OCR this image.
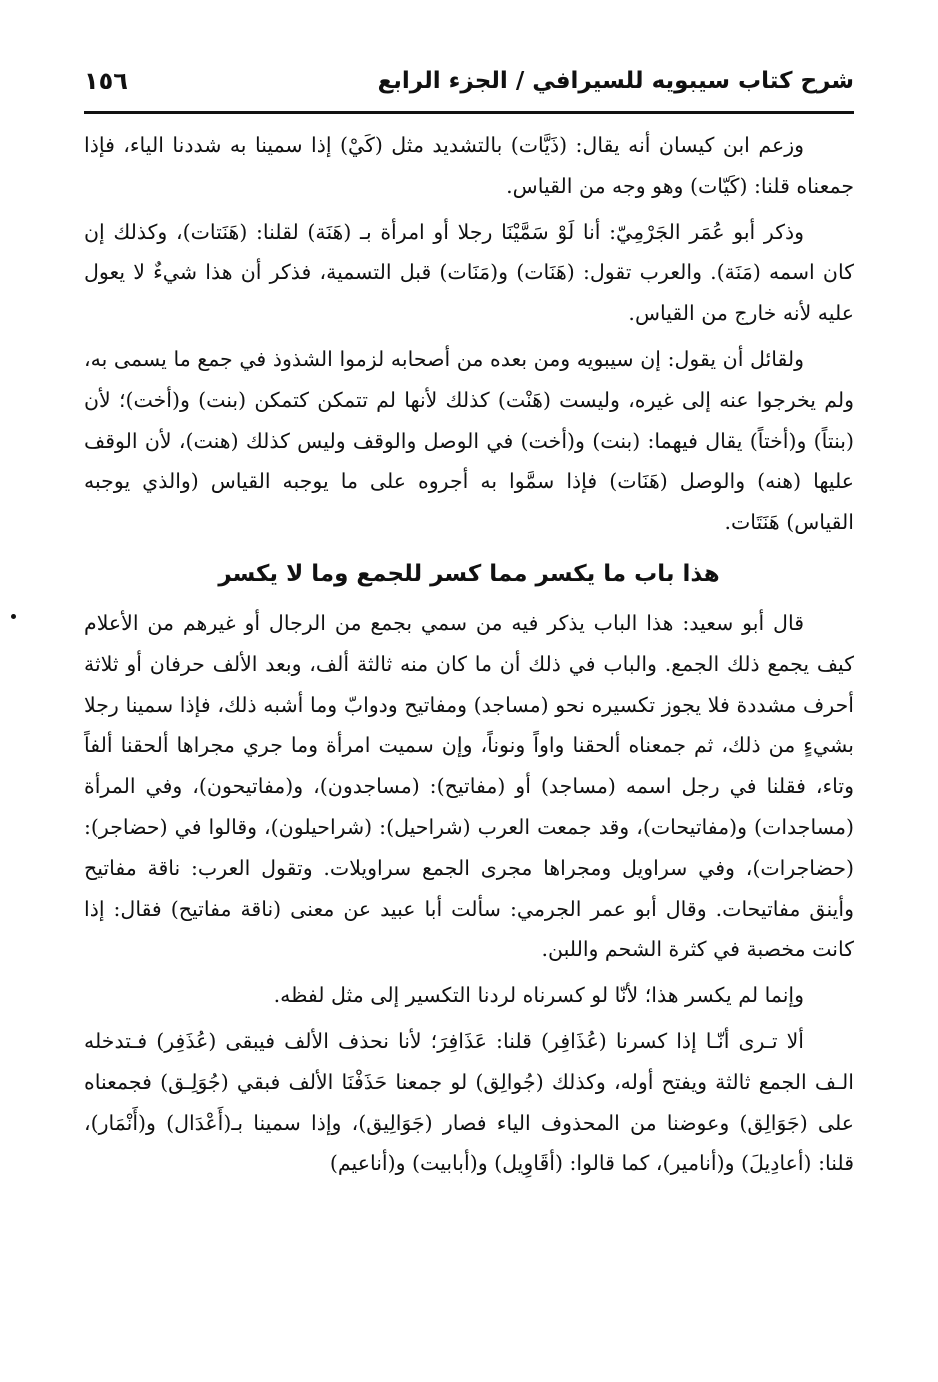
شرح كتاب سيبويه للسيرافي / الجزء الرابع
١٥٦

وزعم ابن كيسان أنه يقال: (ذَيَّات) بالتشديد مثل (كَيْ) إذا سمينا به شددنا الياء، فإذا جمعناه قلنا: (كَيّات) وهو وجه من القياس.

وذكر أبو عُمَر الجَرْمِيّ: أنا لَوْ سَمَّيْنَا رجلا أو امرأة بـ (هَنَة) لقلنا: (هَنَتات)، وكذلك إن كان اسمه (مَنَة). والعرب تقول: (هَنَات) و(مَنَات) قبل التسمية، فذكر أن هذا شيءٌ لا يعول عليه لأنه خارج من القياس.

ولقائل أن يقول: إن سيبويه ومن بعده من أصحابه لزموا الشذوذ في جمع ما يسمى به، ولم يخرجوا عنه إلى غيره، وليست (هَنْت) كذلك لأنها لم تتمكن كتمكن (بنت) و(أخت)؛ لأن (بنتاً) و(أختاً) يقال فيهما: (بنت) و(أخت) في الوصل والوقف وليس كذلك (هنت)، لأن الوقف عليها (هنه) والوصل (هَنَات) فإذا سمَّوا به أجروه على ما يوجبه القياس (والذي يوجبه القياس) هَنَتَات.

هذا باب ما يكسر مما كسر للجمع وما لا يكسر

قال أبو سعيد: هذا الباب يذكر فيه من سمي بجمع من الرجال أو غيرهم من الأعلام كيف يجمع ذلك الجمع. والباب في ذلك أن ما كان منه ثالثة ألف، وبعد الألف حرفان أو ثلاثة أحرف مشددة فلا يجوز تكسيره نحو (مساجد) ومفاتيح ودوابّ وما أشبه ذلك، فإذا سمينا رجلا بشيءٍ من ذلك، ثم جمعناه ألحقنا واواً ونوناً، وإن سميت امرأة وما جري مجراها ألحقنا ألفاً وتاء، فقلنا في رجل اسمه (مساجد) أو (مفاتيح): (مساجدون)، و(مفاتيحون)، وفي المرأة (مساجدات) و(مفاتيحات)، وقد جمعت العرب (شراحيل): (شراحيلون)، وقالوا في (حضاجر): (حضاجرات)، وفي سراويل ومجراها مجرى الجمع سراويلات. وتقول العرب: ناقة مفاتيح وأينق مفاتيحات. وقال أبو عمر الجرمي: سألت أبا عبيد عن معنى (ناقة مفاتيح) فقال: إذا كانت مخصبة في كثرة الشحم واللبن.

وإنما لم يكسر هذا؛ لأنّا لو كسرناه لردنا التكسير إلى مثل لفظه.

ألا تـرى أنّـا إذا كسرنا (عُذَافِر) قلنا: عَذَافِرَ؛ لأنا نحذف الألف فيبقى (عُذَفِر) فـتدخله الـف الجمع ثالثة ويفتح أوله، وكذلك (جُوالِق) لو جمعنا حَذَفْنَا الألف فبقي (جُوَلِـق) فجمعناه على (جَوَالِق) وعوضنا من المحذوف الياء فصار (جَوَالِيق)، وإذا سمينا بـ(أَعْدَال) و(أَنْمَار)، قلنا: (أعادِيلَ) و(أنامير)، كما قالوا: (أقَاوِيل) و(أبابيت) و(أناعيم)
